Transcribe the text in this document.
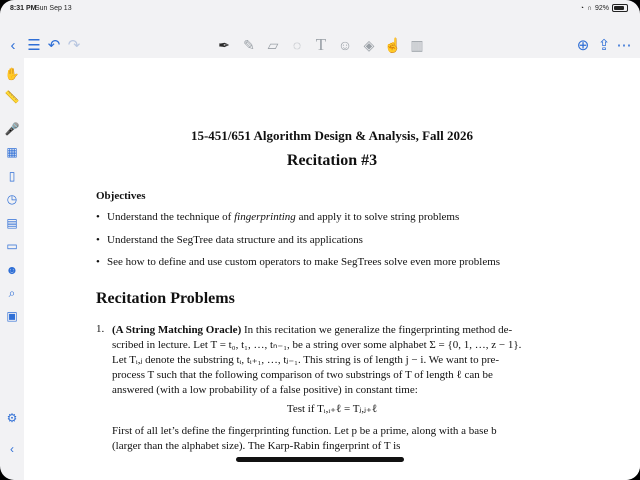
8:31 PM
Sun Sep 13	◔ ∩ 92%
‹ ☰ ↶ ↷	✒ ✎ ▱	◌ T ☺ ◈ ☝ ▥	⊕ ⇪ ⋯
✋
📏
🎤
▦
▯
◷
▤
▭
☻
⌕
▣
⚙
‹
15-451/651 Algorithm Design & Analysis, Fall 2026
Recitation #3
Objectives
• Understand the technique of fingerprinting and apply it to solve string problems
• Understand the SegTree data structure and its applications
• See how to define and use custom operators to make SegTrees solve even more problems
Recitation Problems
1. (A String Matching Oracle) In this recitation we generalize the fingerprinting method de-
scribed in lecture. Let T = t₀, t₁, …, tₙ₋₁, be a string over some alphabet Σ = {0, 1, …, z − 1}.
Let Tᵢ,ⱼ denote the substring tᵢ, tᵢ₊₁, …, tⱼ₋₁. This string is of length j − i. We want to pre-
process T such that the following comparison of two substrings of T of length ℓ can be
answered (with a low probability of a false positive) in constant time:
Test if Tᵢ,ᵢ₊ℓ = Tⱼ,ⱼ₊ℓ
First of all let’s define the fingerprinting function. Let p be a prime, along with a base b
(larger than the alphabet size). The Karp-Rabin fingerprint of T is
